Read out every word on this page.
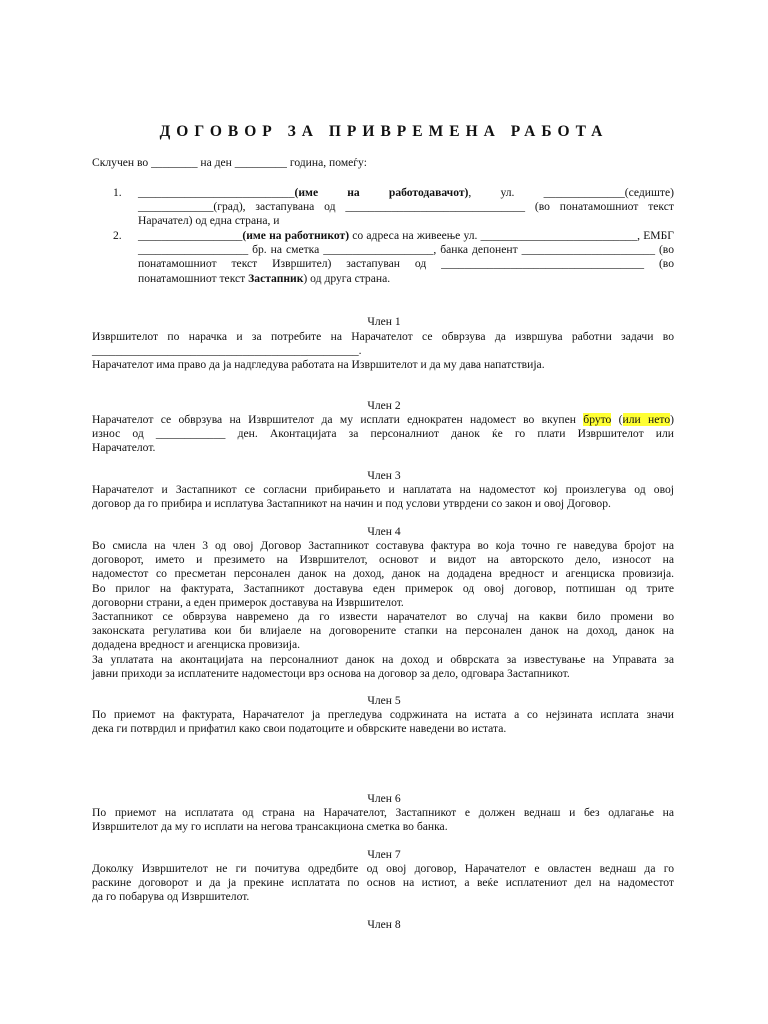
ДОГОВОР ЗА ПРИВРЕМЕНА РАБОТА
Склучен во ________ на ден _________ година, помеѓу:
1. ___________________________(име на работодавачот), ул. ______________(седиште) _____________(град), застапувана од _______________________________ (во понатамошниот текст Нарачател) од една страна, и
2. __________________(име на работникот) со адреса на живеење ул. ___________________________, ЕМБГ ___________________ бр. на сметка ___________________, банка депонент _______________________ (во понатамошниот текст Извршител) застапуван од ___________________________________ (во понатамошниот текст Застапник) од друга страна.
Член 1
Извршителот по нарачка и за потребите на Нарачателот се обврзува да извршува работни задачи во
______________________________________________.
Нарачателот има право да ја надгледува работата на Извршителот и да му дава напатствија.
Член 2
Нарачателот се обврзува на Извршителот да му исплати еднократен надомест во вкупен бруто (или нето)
износ од ____________ ден. Аконтацијата за персоналниот данок ќе го плати Извршителот или
Нарачателот.
Член 3
Нарачателот и Застапникот се согласни прибирањето и наплатата на надоместот кој произлегува од овој
договор да го прибира и исплатува Застапникот на начин и под услови утврдени со закон и овој Договор.
Член 4
Во смисла на член 3 од овој Договор Застапникот составува фактура во која точно ге наведува бројот на
договорот, името и презимето на Извршителот, основот и видот на авторското дело, износот на
надоместот со пресметан персонален данок на доход, данок на додадена вредност и агенциска провизија.
Во прилог на фактурата, Застапникот доставува еден примерок од овој договор, потпишан од трите
договорни страни, а еден примерок доставува на Извршителот.
Застапникот се обврзува навремено да го извести нарачателот во случај на какви било промени во
законската регулатива кои би влијаеле на договорените стапки на персонален данок на доход, данок на
додадена вредност и агенциска провизија.
За уплатата на аконтацијата на персоналниот данок на доход и обврската за известување на Управата за
јавни приходи за исплатените надоместоци врз основа на договор за дело, одговара Застапникот.
Член 5
По приемот на фактурата, Нарачателот ја прегледува содржината на истата а со нејзината исплата значи
дека ги потврдил и прифатил како свои податоците и обврските наведени во истата.
Член 6
По приемот на исплатата од страна на Нарачателот, Застапникот е должен веднаш и без одлагање на
Извршителот да му го исплати на негова трансакциона сметка во банка.
Член 7
Доколку Извршителот не ги почитува одредбите од овој договор, Нарачателот е овластен веднаш да го
раскине договорот и да ја прекине исплатата по основ на истиот, а веќе исплатениот дел на надоместот
да го побарува од Извршителот.
Член 8
